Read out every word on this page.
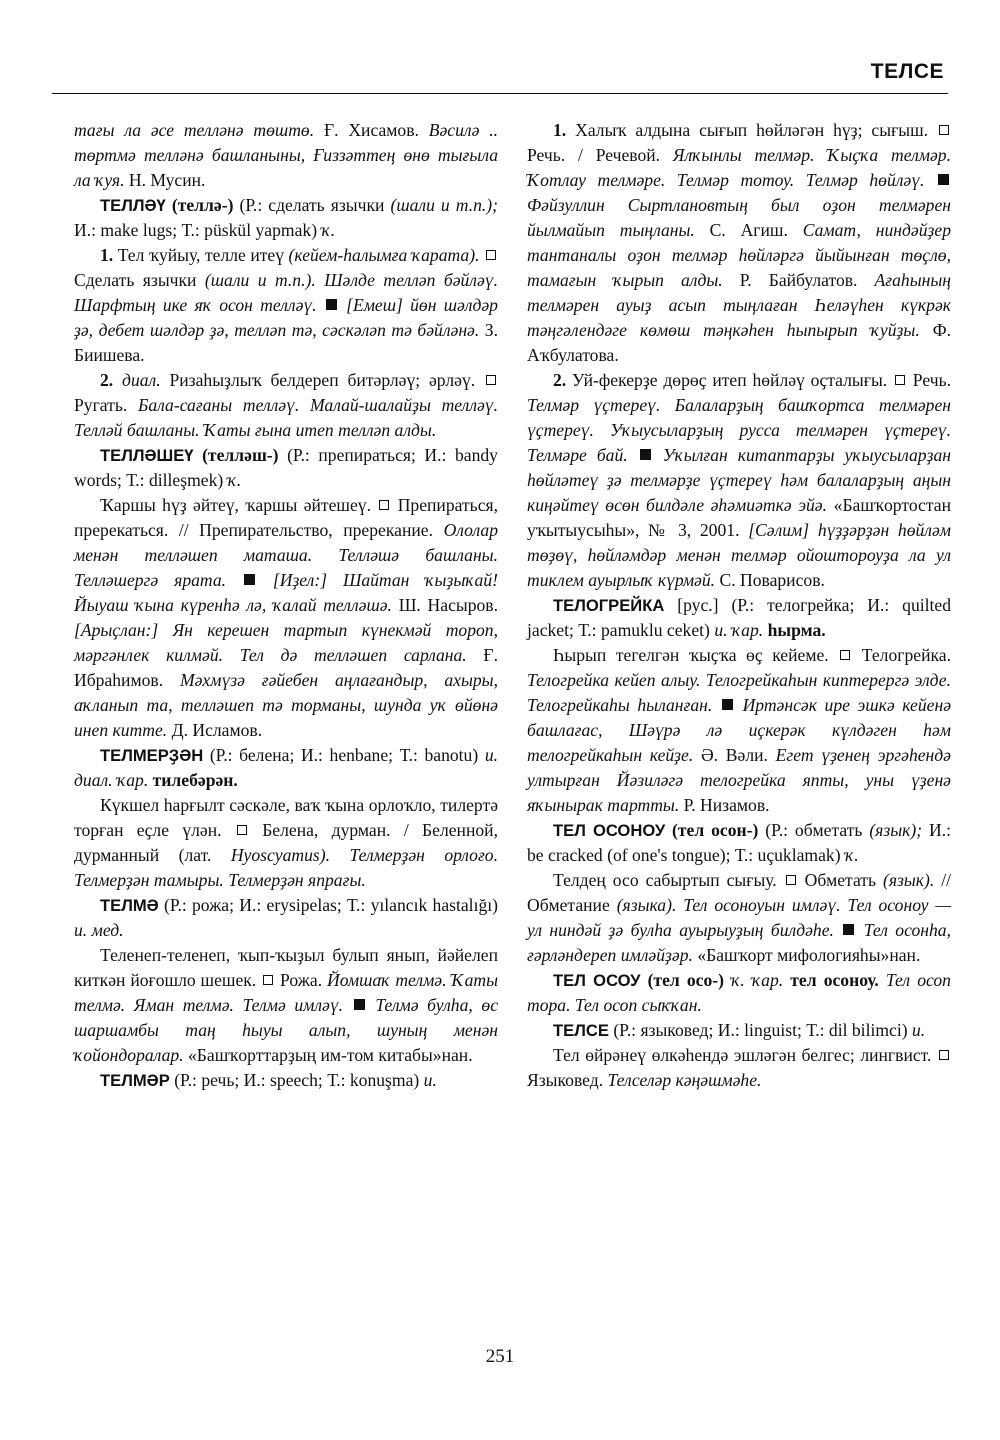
ТЕЛСЕ

тағы ла әсе телләнә төштө. Ғ. Хисамов. Вәсилә .. төртмә телләнә башланыны, Ғиззәттең өнө тығыла ла ҡуя. Н. Мусин.

ТЕЛЛӘҮ (теллә-) (Р.: сделать язычки (шали и т.п.); И.: make lugs; Т.: püskül yapmak) ҡ.

1. Тел ҡуйыу, телле итеү (кейем-һалымға ҡарата).  Сделать язычки (шали и т.п.). Шәлде теллəп бәйләү. Шарфтың ике яҡ осон телләү. [Емеш] йөн шәлдәр ҙә, дебет шәлдәр ҙә, теллəп тә, сәскәлəп тә бәйләнә. З. Биишева.

2. диал. Ризаһыҙлыҡ белдереп битәрләү; әрләү.  Ругать. Бала-сағаны телләү. Малай-шалайҙы телләү. Телләй башланы. Ҡаты ғына итеп теллəп алды.

ТЕЛЛӘШЕҮ (теллəш-) (Р.: препираться; И.: bandy words; Т.: dilleşmek) ҡ.

Ҡаршы һүҙ әйтеү, ҡаршы әйтешеү. Препираться, пререкаться. // Препирательство, пререкание. Ололар менән телләшеп маташа. Телләшә башланы. Телләшергә ярата.	[Иҙел:] Шайтан ҡыҙыҡай! Йыуаш ҡына күренһә лә, ҡалай телләшә. Ш. Насыров. [Арыҫлан:] Ян керешен тартып күнекмәй тороп, мәргәнлек килмәй. Тел дә телләшеп сарлана. Ғ. Ибраһимов. Мәхмүзә ғәйебен аңлағандыр, ахыры, аҡланып та, телләшеп тә торманы, шунда уҡ өйөнә инеп китте. Д. Исламов.

ТЕЛМЕРҘӘН (Р.: белена; И.: henbane; Т.: banotu) и. диал. ҡар. тилебәрән.

Күкшел һарғылт сәскәле, ваҡ ҡына орлоҡло, тилертә торған еҫле үлән. Белена, дурман. / Беленной, дурманный (лат. Hyoscyamus). Телмерҙән орлоғо. Телмерҙән тамыры. Телмерҙән япрағы.

ТЕЛМӘ (Р.: рожа; И.: erysipelas; Т.: yılancık hastalığı) и. мед.

Теленеп-теленеп, ҡып-ҡыҙыл булып янып, йәйелеп киткән йоғошло шешек. Рожа. Йомшаҡ телмә. Ҡаты телмә. Яман телмә. Телмә имләү. Телмә булһа, өс шаршамбы таң һыуы алып, шуның менән ҡойондоралар. «Башҡорттарҙың им-том китабы»нан.

ТЕЛМӘР (Р.: речь; И.: speech; Т.: konuşma) и.

1. Халыҡ алдына сығып һөйләгән һүҙ; сығыш.  Речь. / Речевой. Ялҡынлы телмәр. Ҡыҫҡа телмәр. Ҡотлау телмәре. Телмәр тотоу. Телмәр һөйләү.  Фәйзуллин Сыртлановтың был оҙон телмәрен йылмайып тыңланы. С. Агиш. Самат, ниндәйҙер тантаналы оҙон телмәр һөйләргә йыйынған төҫлө, тамағын ҡырып алды. Р. Байбулатов. Ағаһының телмәрен ауыҙ асып тыңлаған Һеләүһен күкрәк тәңгәлендәге көмөш тәңкәһен һыпырып ҡуйҙы. Ф. Аҡбулатова.

2. Уй-фекерҙе дөрөҫ итеп һөйләү оҫталығы. Речь. Телмәр үҫтереү. Балаларҙың башҡортса телмәрен үҫтереү. Уҡыусыларҙың русса телмәрен үҫтереү. Телмәре бай. Уҡылған китаптарҙы уҡыусыларҙан һөйләтеү ҙә телмәрҙе үҫтереү һәм балаларҙың аңын киңәйтеү өсөн билдәле әһәмиәткә эйә. «Башҡортостан уҡытыусыһы», № 3, 2001. [Сәлим] һүҙҙәрҙән һөйләм төҙөү, һөйләмдәр менән телмәр ойоштороуҙа ла ул тиклем ауырлыҡ күрмәй. С. Поварисов.

ТЕЛОГРЕЙКА [рус.] (Р.: телогрейка; И.: quilted jacket; Т.: pamuklu ceket) и. ҡар. һырма.

Һырып тегелгән ҡыҫҡа өҫ кейеме. Телогрейка. Телогрейка кейеп алыу. Телогрейкаһын киптерергә элде. Телогрейкаһы һыланған. Иртәнсәк ире эшкә кейенә башлағас, Шәүрә лә иҫкерәк күлдәген һәм телогрейкаһын кейҙе. Ә. Вәли. Егет үҙенең эргәһендә ултырған Йәзиләгә телогрейка япты, уны үҙенә яҡынырак тартты. Р. Низамов.

ТЕЛ ОСОНОУ (тел осон-) (Р.: обметать (язык); И.: be cracked (of one's tongue); Т.: uçuklamak) ҡ.

Телдең осо сабыртып сығыу. Обметать (язык). // Обметание (языка). Тел осоноуын имләү. Тел осоноу — ул ниндәй ҙә булһа ауырыуҙың билдәһе. Тел осонһа, ғәрләндереп имләйҙәр. «Башҡорт мифологияһы»нан.

ТЕЛ ОСОУ (тел осо-) ҡ. ҡар. тел осоноу. Тел осоп тора. Тел осоп сыҡҡан.

ТЕЛСЕ (Р.: языковед; И.: linguist; Т.: dil bilimci) и.

Тел өйрәнеү өлкәһендә эшләгән белгес; лингвист.  Языковед. Телселәр кәңәшмәһе.

251
